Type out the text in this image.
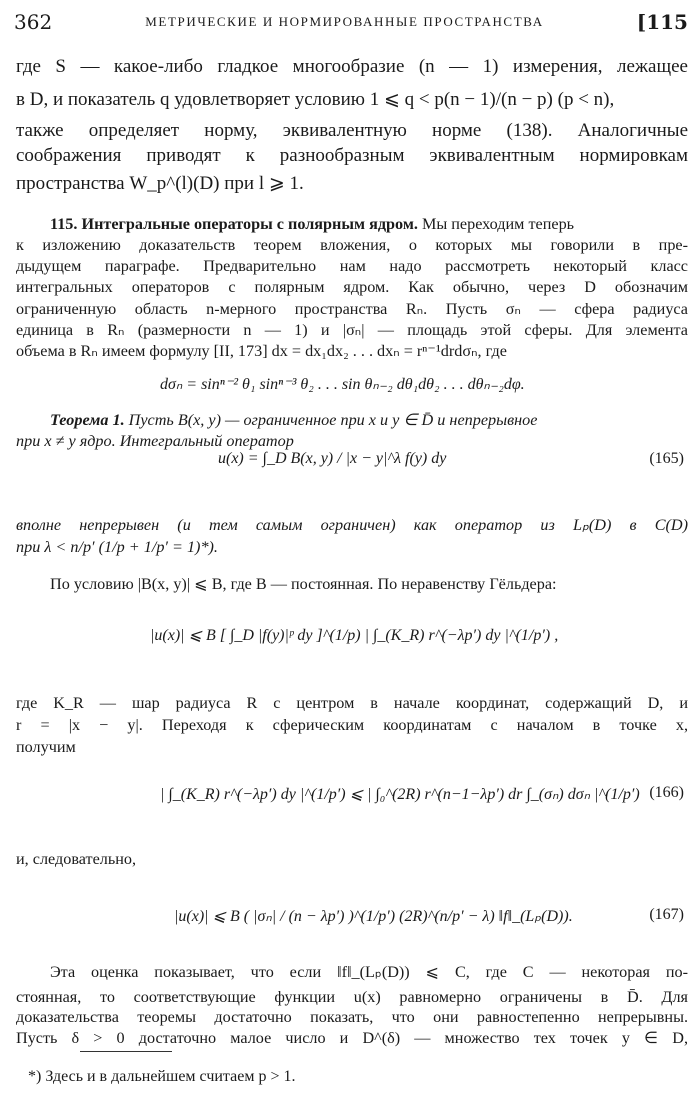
362	МЕТРИЧЕСКИЕ И НОРМИРОВАННЫЕ ПРОСТРАНСТВА	[115
где S — какое-либо гладкое многообразие (n — 1) измерения, лежащее
в D, и показатель q удовлетворяет условию 1 ⩽ q < p(n − 1)/(n − p) (p < n),
также определяет норму, эквивалентную норме (138). Аналогичные
соображения приводят к разнообразным эквивалентным нормировкам
пространства W_p^(l)(D) при l ⩾ 1.
115. Интегральные операторы с полярным ядром. Мы переходим теперь
к изложению доказательств теорем вложения, о которых мы говорили в пре-
дыдущем параграфе. Предварительно нам надо рассмотреть некоторый класс
интегральных операторов с полярным ядром. Как обычно, через D обозначим
ограниченную область n-мерного пространства Rₙ. Пусть σₙ — сфера радиуса
единица в Rₙ (размерности n — 1) и |σₙ| — площадь этой сферы. Для элемента
объема в Rₙ имеем формулу [II, 173] dx = dx₁dx₂ . . . dxₙ = rⁿ⁻¹drdσₙ, где
dσₙ = sinⁿ⁻² θ₁ sinⁿ⁻³ θ₂ . . . sin θₙ₋₂ dθ₁dθ₂ . . . dθₙ₋₂dφ.
Теорема 1. Пусть B(x, y) — ограниченное при x и y ∈ D̄ и непрерывное
при x ≠ y ядро. Интегральный оператор
u(x) = ∫_D B(x, y) / |x − y|^λ f(y) dy	(165)
вполне непрерывен (и тем самым ограничен) как оператор из Lₚ(D) в C(D)
при λ < n/p′ (1/p + 1/p′ = 1)*).
По условию |B(x, y)| ⩽ B, где B — постоянная. По неравенству Гёльдера:
|u(x)| ⩽ B [ ∫_D |f(y)|ᵖ dy ]^(1/p) | ∫_(K_R) r^(−λp′) dy |^(1/p′) ,
где K_R — шар радиуса R с центром в начале координат, содержащий D, и
r = |x − y|. Переходя к сферическим координатам с началом в точке x,
получим
| ∫_(K_R) r^(−λp′) dy |^(1/p′) ⩽ | ∫₀^(2R) r^(n−1−λp′) dr ∫_(σₙ) dσₙ |^(1/p′) (166)
и, следовательно,
|u(x)| ⩽ B ( |σₙ| / (n − λp′) )^(1/p′) (2R)^(n/p′ − λ) ‖f‖_(Lₚ(D)).	(167)
Эта оценка показывает, что если ‖f‖_(Lₚ(D)) ⩽ C, где C — некоторая по-
стоянная, то соответствующие функции u(x) равномерно ограничены в D̄. Для
доказательства теоремы достаточно показать, что они равностепенно непрерывны.
Пусть δ > 0 достаточно малое число и D^(δ) — множество тех точек y ∈ D,
*) Здесь и в дальнейшем считаем p > 1.
